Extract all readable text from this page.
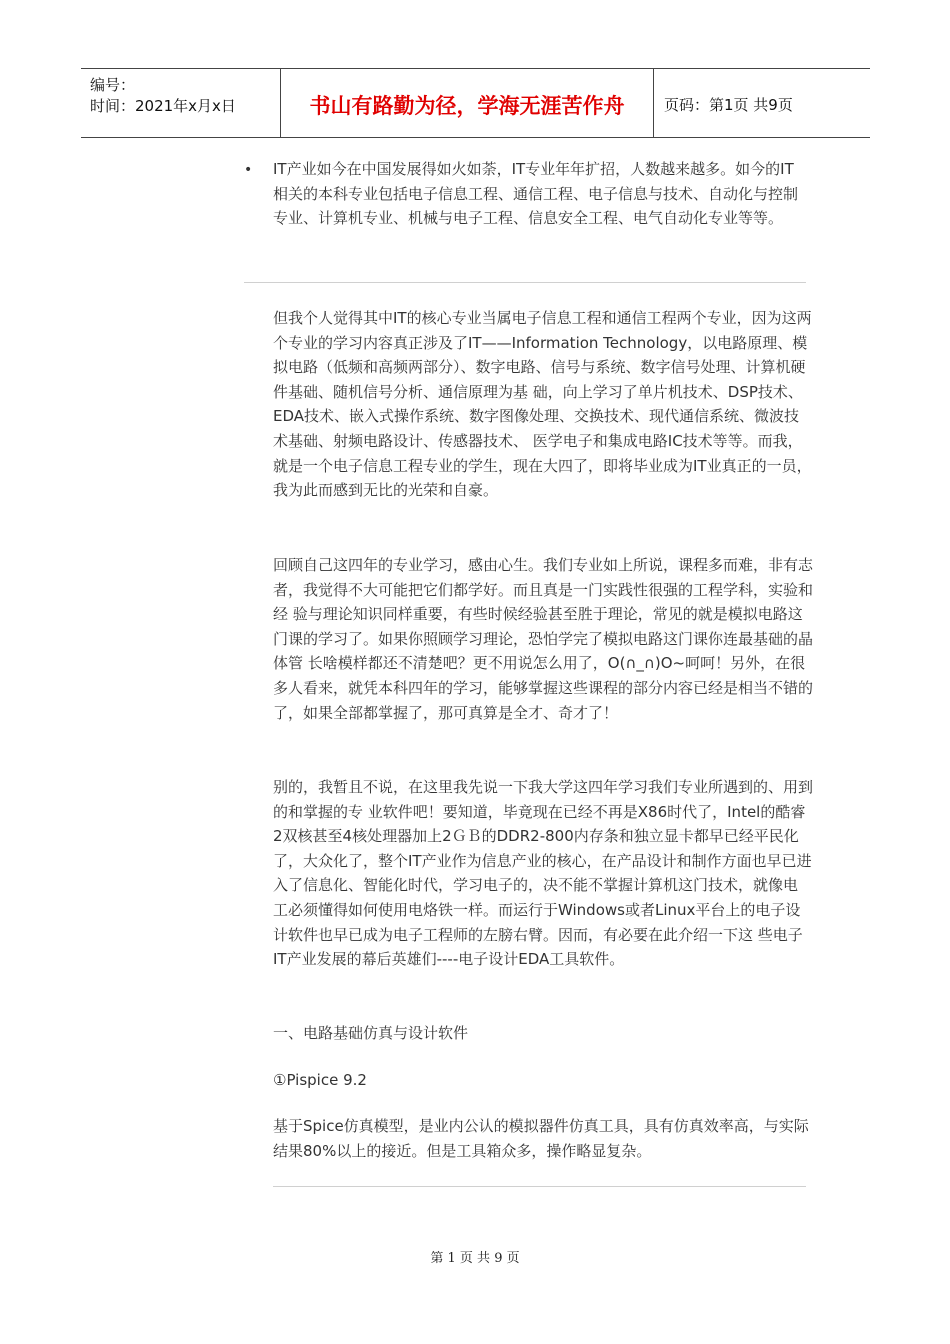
编号：
时间：2021年x月x日	书山有路勤为径，学海无涯苦作舟	页码：第1页 共9页
• IT产业如今在中国发展得如火如荼，IT专业年年扩招，人数越来越多。如今的IT相关的本科专业包括电子信息工程、通信工程、电子信息与技术、自动化与控制专业、计算机专业、机械与电子工程、信息安全工程、电气自动化专业等等。

但我个人觉得其中IT的核心专业当属电子信息工程和通信工程两个专业，因为这两个专业的学习内容真正涉及了IT——Information Technology，以电路原理、模拟电路（低频和高频两部分）、数字电路、信号与系统、数字信号处理、计算机硬件基础、随机信号分析、通信原理为基 础，向上学习了单片机技术、DSP技术、EDA技术、嵌入式操作系统、数字图像处理、交换技术、现代通信系统、微波技术基础、射频电路设计、传感器技术、 医学电子和集成电路IC技术等等。而我，就是一个电子信息工程专业的学生，现在大四了，即将毕业成为IT业真正的一员，我为此而感到无比的光荣和自豪。

回顾自己这四年的专业学习，感由心生。我们专业如上所说，课程多而难，非有志者，我觉得不大可能把它们都学好。而且真是一门实践性很强的工程学科，实验和经 验与理论知识同样重要，有些时候经验甚至胜于理论，常见的就是模拟电路这门课的学习了。如果你照顾学习理论，恐怕学完了模拟电路这门课你连最基础的晶体管 长啥模样都还不清楚吧？更不用说怎么用了，O(∩_∩)O~呵呵！另外，在很多人看来，就凭本科四年的学习，能够掌握这些课程的部分内容已经是相当不错的 了，如果全部都掌握了，那可真算是全才、奇才了！

别的，我暂且不说，在这里我先说一下我大学这四年学习我们专业所遇到的、用到的和掌握的专 业软件吧！要知道，毕竟现在已经不再是X86时代了，Intel的酷睿2双核甚至4核处理器加上2ＧＢ的DDR2-800内存条和独立显卡都早已经平民化 了，大众化了，整个IT产业作为信息产业的核心，在产品设计和制作方面也早已进入了信息化、智能化时代，学习电子的，决不能不掌握计算机这门技术，就像电 工必须懂得如何使用电烙铁一样。而运行于Windows或者Linux平台上的电子设计软件也早已成为电子工程师的左膀右臂。因而，有必要在此介绍一下这 些电子IT产业发展的幕后英雄们----电子设计EDA工具软件。

一、电路基础仿真与设计软件

①Pispice 9.2

基于Spice仿真模型，是业内公认的模拟器件仿真工具，具有仿真效率高，与实际结果80%以上的接近。但是工具箱众多，操作略显复杂。

第 1 页 共 9 页
